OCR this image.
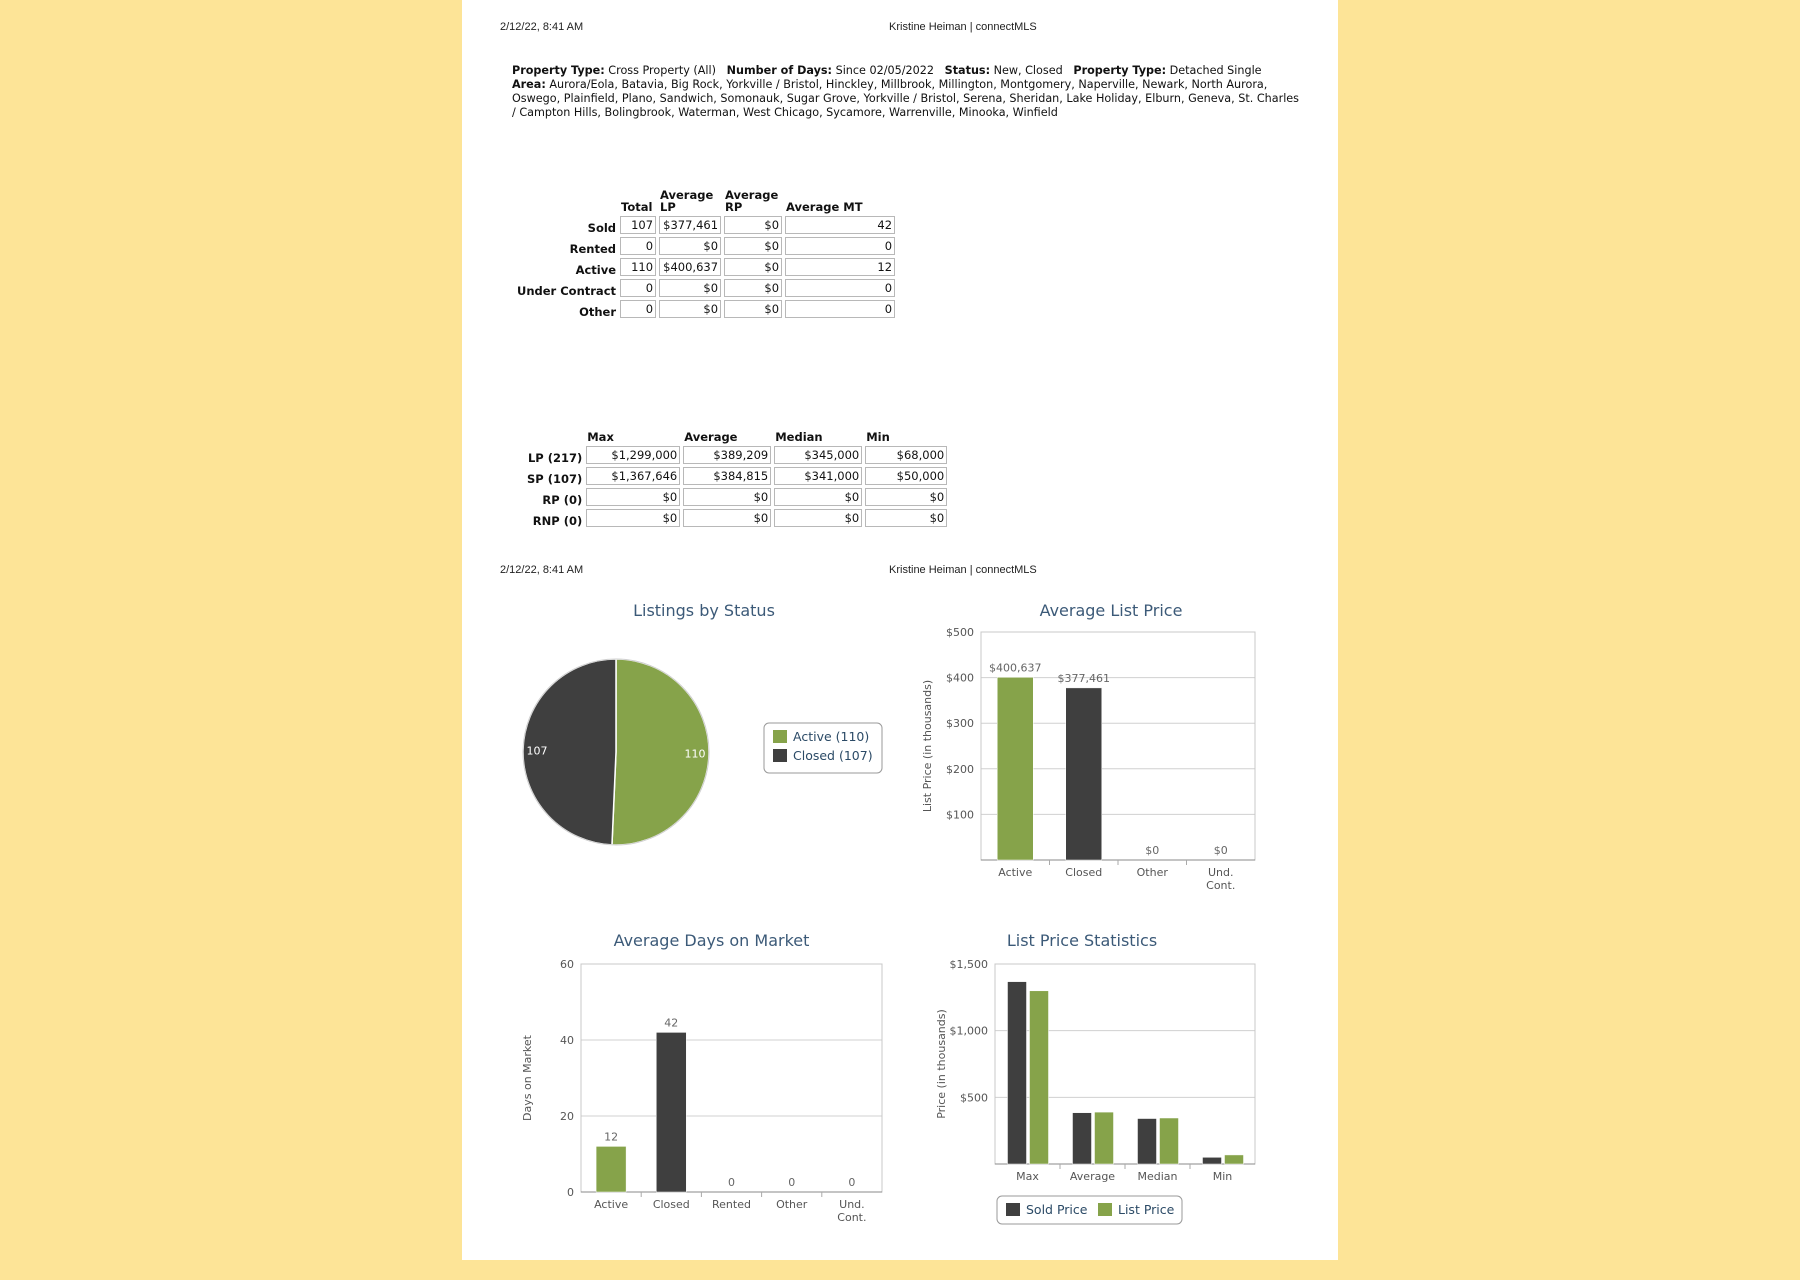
2/12/22, 8:41 AM	Kristine Heiman | connectMLS
Property Type: Cross Property (All)   Number of Days: Since 02/05/2022   Status: New, Closed   Property Type: Detached Single   Area: Aurora/Eola, Batavia, Big Rock, Yorkville / Bristol, Hinckley, Millbrook, Millington, Montgomery, Naperville, Newark, North Aurora, Oswego, Plainfield, Plano, Sandwich, Somonauk, Sugar Grove, Yorkville / Bristol, Serena, Sheridan, Lake Holiday, Elburn, Geneva, St. Charles / Campton Hills, Bolingbrook, Waterman, West Chicago, Sycamore, Warrenville, Minooka, Winfield
	Total	Average LP	Average RP	Average MT
Sold	107	$377,461	$0	42
Rented	0	$0	$0	0
Active	110	$400,637	$0	12
Under Contract	0	$0	$0	0
Other	0	$0	$0	0
	Max	Average	Median	Min
LP (217)	$1,299,000	$389,209	$345,000	$68,000
SP (107)	$1,367,646	$384,815	$341,000	$50,000
RP (0)	$0	$0	$0	$0
RNP (0)	$0	$0	$0	$0
2/12/22, 8:41 AM	Kristine Heiman | connectMLS
Listings by Status
110
107
Active (110)
Closed (107)
Average List Price
$100
$200
$300
$400
$500
List Price (in thousands)
Active	Closed	Other	Und.
Cont.
$400,637
$377,461
$0	$0
Average Days on Market
0
20
40
60
Days on Market
Active Closed Rented Other	Und.
Cont.
12
42
0	0	0
List Price Statistics
$500
$1,000
$1,500
Price (in thousands)
Max	Average Median	Min
Sold Price List Price
